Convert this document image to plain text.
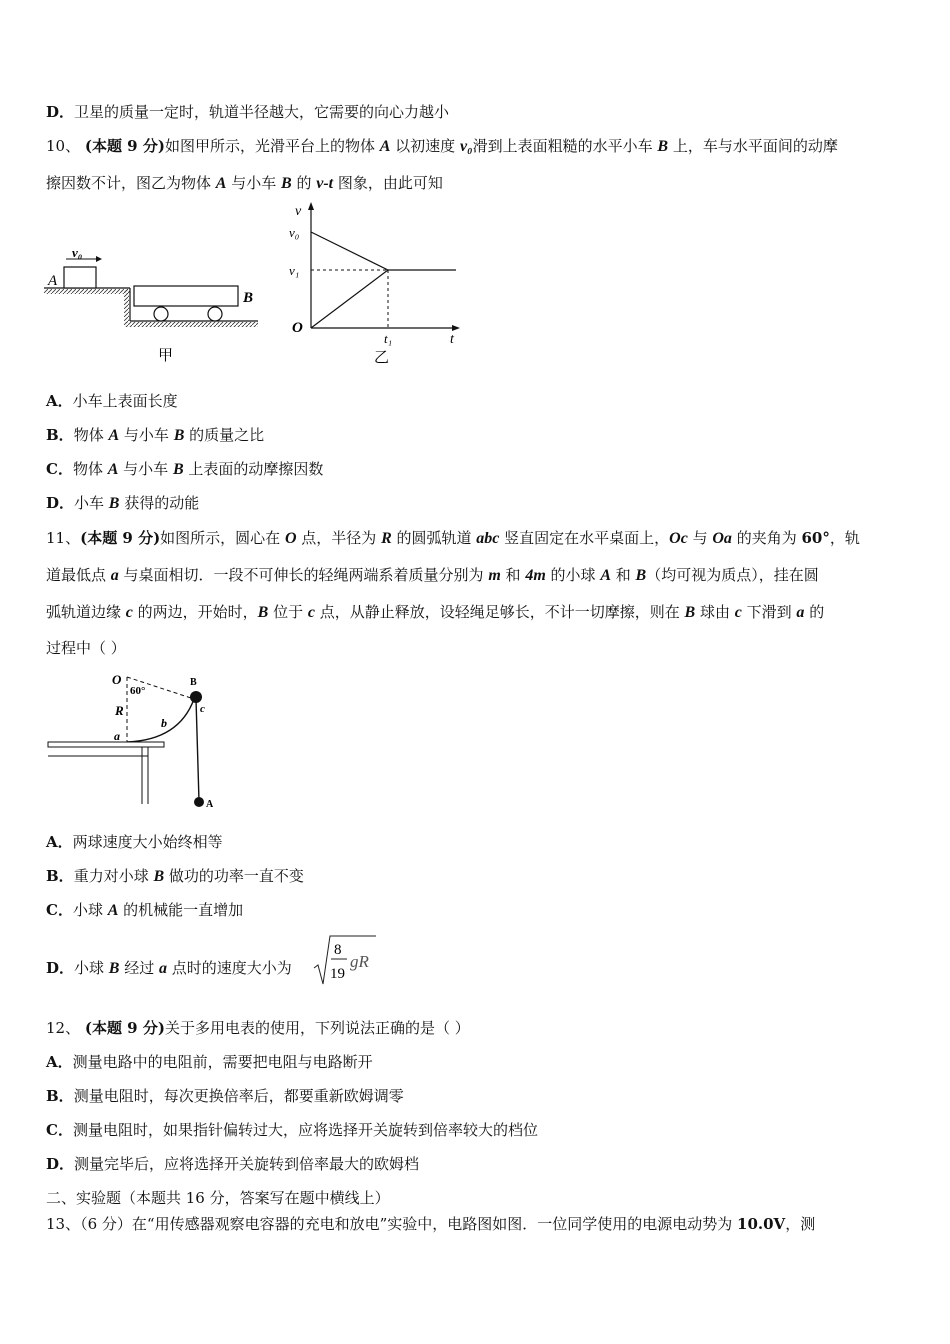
D．卫星的质量一定时，轨道半径越大，它需要的向心力越小
10、 (本题 9 分)如图甲所示，光滑平台上的物体 A 以初速度 v₀滑到上表面粗糙的水平小车 B 上，车与水平面间的动摩
擦因数不计，图乙为物体 A 与小车 B 的 v-t 图象，由此可知
A．小车上表面长度
B．物体 A 与小车 B 的质量之比
C．物体 A 与小车 B 上表面的动摩擦因数
D．小车 B 获得的动能
11、(本题 9 分)如图所示，圆心在 O 点，半径为 R 的圆弧轨道 abc 竖直固定在水平桌面上，Oc 与 Oa 的夹角为 60°，轨
道最低点 a 与桌面相切．一段不可伸长的轻绳两端系着质量分别为 m 和 4m 的小球 A 和 B（均可视为质点），挂在圆
弧轨道边缘 c 的两边，开始时，B 位于 c 点，从静止释放，设轻绳足够长，不计一切摩擦，则在 B 球由 c 下滑到 a 的
过程中（ ）
A．两球速度大小始终相等
B．重力对小球 B 做功的功率一直不变
C．小球 A 的机械能一直增加
D．小球 B 经过 a 点时的速度大小为
12、 (本题 9 分)关于多用电表的使用，下列说法正确的是（ ）
A．测量电路中的电阻前，需要把电阻与电路断开
B．测量电阻时，每次更换倍率后，都要重新欧姆调零
C．测量电阻时，如果指针偏转过大，应将选择开关旋转到倍率较大的档位
D．测量完毕后，应将选择开关旋转到倍率最大的欧姆档
二、实验题（本题共 16 分，答案写在题中横线上）
13、（6 分）在“用传感器观察电容器的充电和放电”实验中，电路图如图．一位同学使用的电源电动势为 10.0V，测
v₀
A
B
甲
v
v₀
v₁
O
t₁	t
乙
O
60°
R
a
b
c
B
A
8
19
gR
